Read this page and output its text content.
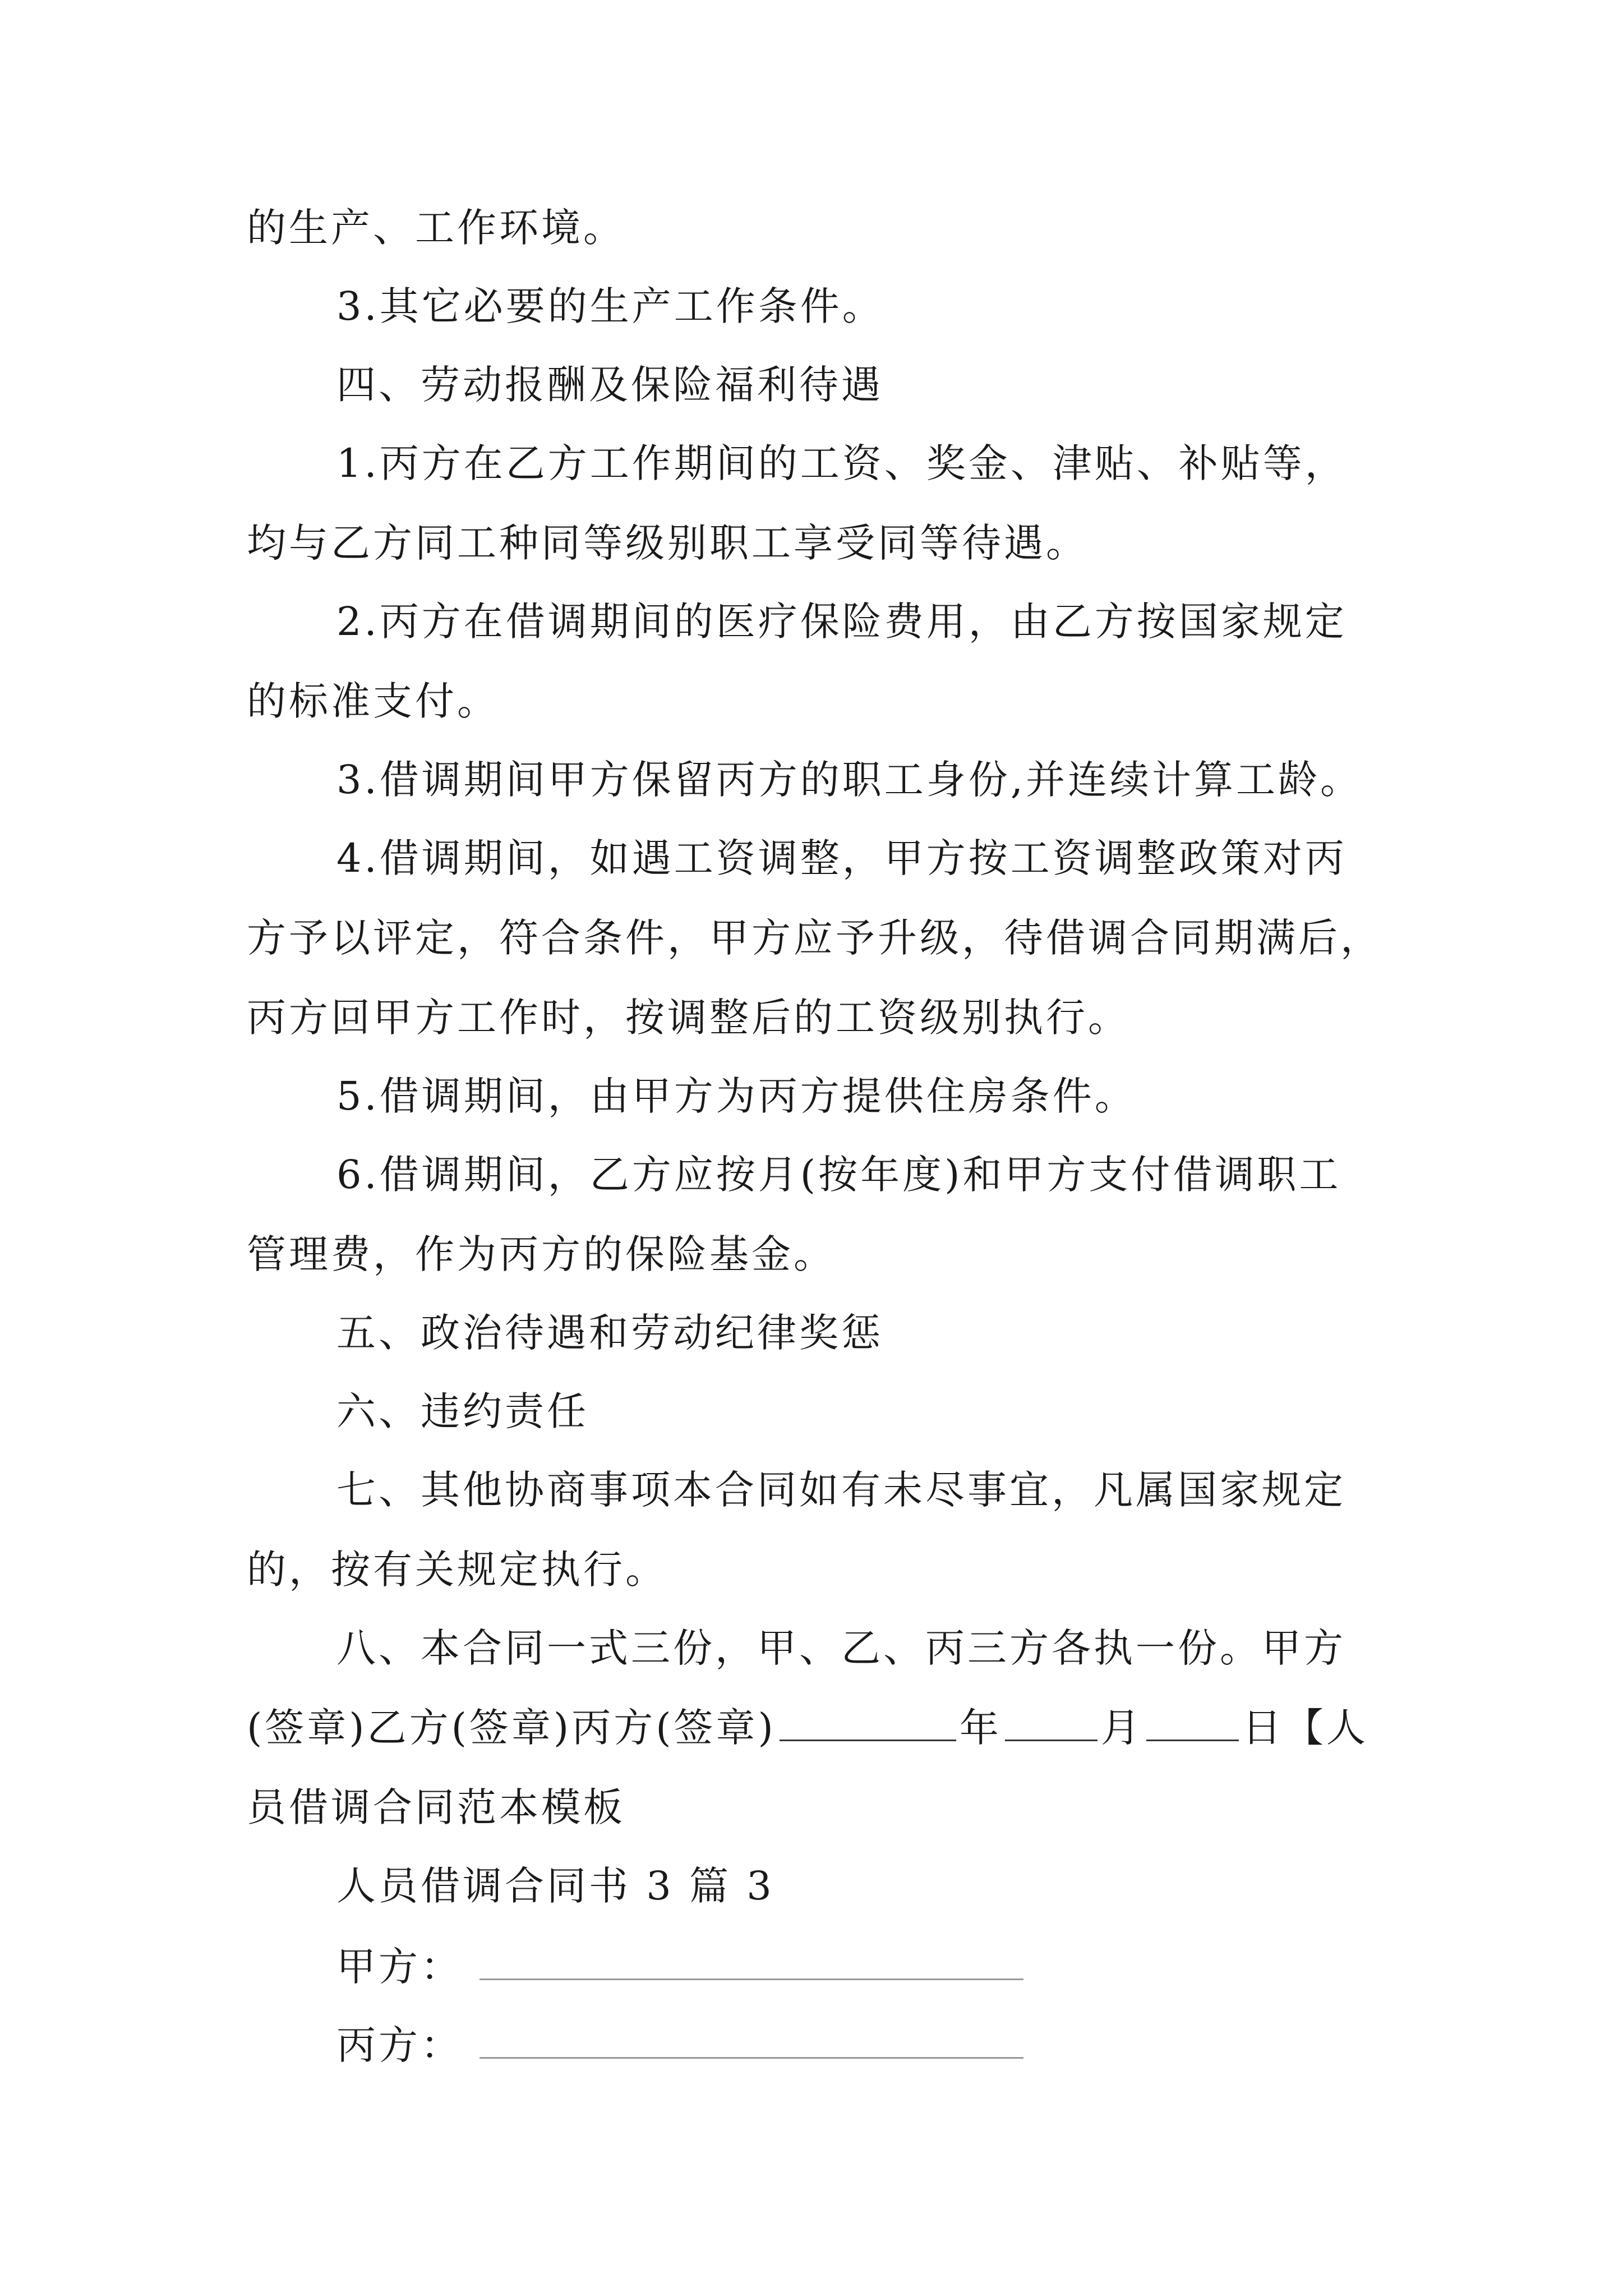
的生产、工作环境。

3.其它必要的生产工作条件。

四、劳动报酬及保险福利待遇

1.丙方在乙方工作期间的工资、奖金、津贴、补贴等，

均与乙方同工种同等级别职工享受同等待遇。

2.丙方在借调期间的医疗保险费用，由乙方按国家规定

的标准支付。

3.借调期间甲方保留丙方的职工身份,并连续计算工龄。

4.借调期间，如遇工资调整，甲方按工资调整政策对丙

方予以评定，符合条件，甲方应予升级，待借调合同期满后，

丙方回甲方工作时，按调整后的工资级别执行。

5.借调期间，由甲方为丙方提供住房条件。

6.借调期间，乙方应按月(按年度)和甲方支付借调职工

管理费，作为丙方的保险基金。

五、政治待遇和劳动纪律奖惩

六、违约责任

七、其他协商事项本合同如有未尽事宜，凡属国家规定

的，按有关规定执行。

八、本合同一式三份，甲、乙、丙三方各执一份。甲方

(签章)乙方(签章)丙方(签章)	年	月	日【人

员借调合同范本模板

人员借调合同书 3 篇 3

甲方：

丙方：
